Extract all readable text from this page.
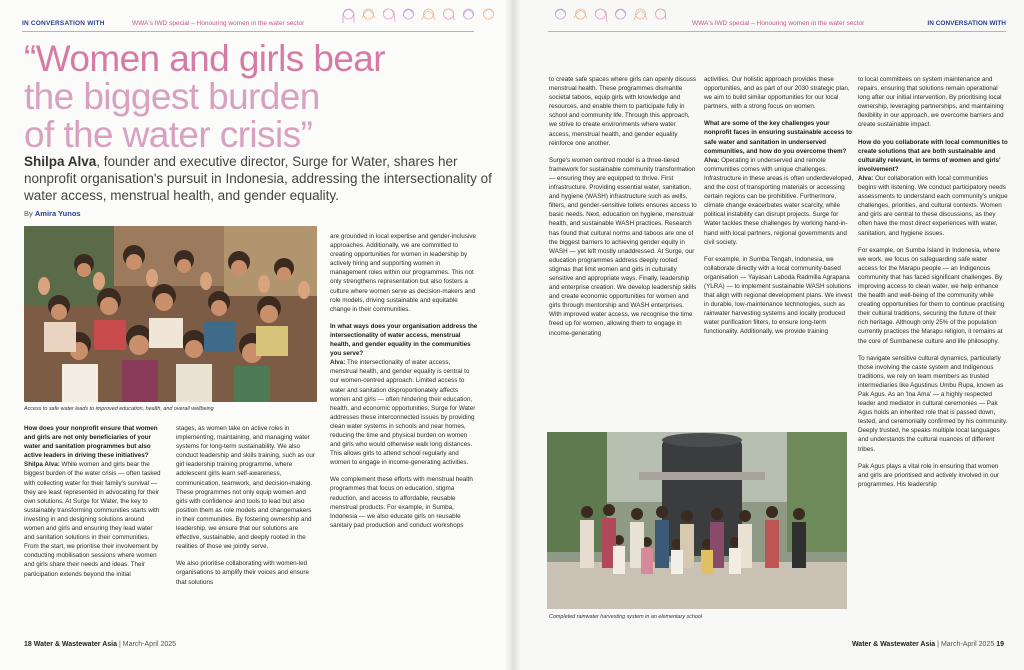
IN CONVERSATION WITH	WWA's IWD special – Honouring women in the water sector
“Women and girls bear
the biggest burden
of the water crisis”
Shilpa Alva, founder and executive director, Surge for Water, shares her nonprofit organisation's pursuit in Indonesia, addressing the intersectionality of water access, menstrual health, and gender equality.
By Amira Yunos
Access to safe water leads to improved education, health, and overall wellbeing
How does your nonprofit ensure that women and girls are not only beneficiaries of your water and sanitation programmes but also active leaders in driving these initiatives?

Shilpa Alva: While women and girls bear the biggest burden of the water crisis — often tasked with collecting water for their family's survival — they are least represented in advocating for their own solutions. At Surge for Water, the key to sustainably transforming communities starts with investing in and designing solutions around women and girls and ensuring they lead water and sanitation solutions in their communities. From the start, we prioritise their involvement by conducting mobilisation sessions where women and girls share their needs and ideas. Their participation extends beyond the initial

stages, as women take on active roles in implementing, maintaining, and managing water systems for long-term sustainability. We also conduct leadership and skills training, such as our girl leadership training programme, where adolescent girls learn self-awareness, communication, teamwork, and decision-making. These programmes not only equip women and girls with confidence and tools to lead but also position them as role models and changemakers in their communities. By fostering ownership and leadership, we ensure that our solutions are effective, sustainable, and deeply rooted in the realities of those we jointly serve.

We also prioritise collaborating with women-led organisations to amplify their voices and ensure that solutions

are grounded in local expertise and gender-inclusive approaches. Additionally, we are committed to creating opportunities for women in leadership by actively hiring and supporting women in management roles within our programmes. This not only strengthens representation but also fosters a culture where women serve as decision-makers and role models, driving sustainable and equitable change in their communities.

In what ways does your organisation address the intersectionality of water access, menstrual health, and gender equality in the communities you serve?

Alva: The intersectionality of water access, menstrual health, and gender equality is central to our women-centred approach. Limited access to water and sanitation disproportionately affects women and girls — often hindering their education, health, and economic opportunities. Surge for Water addresses these interconnected issues by providing clean water systems in schools and near homes, reducing the time and physical burden on women and girls who would otherwise walk long distances. This allows girls to attend school regularly and women to engage in income-generating activities.

We complement these efforts with menstrual health programmes that focus on education, stigma reduction, and access to affordable, reusable menstrual products. For example, in Sumba, Indonesia — we also educate girls on reusable sanitary pad production and conduct workshops

18 Water & Wastewater Asia | March-April 2025
WWA's IWD special – Honouring women in the water sector	IN CONVERSATION WITH

to create safe spaces where girls can openly discuss menstrual health. These programmes dismantle societal taboos, equip girls with knowledge and resources, and enable them to participate fully in school and community life. Through this approach, we strive to create environments where water access, menstrual health, and gender equality reinforce one another.

Surge's women centred model is a three-tiered framework for sustainable community transformation — ensuring they are equipped to thrive. First infrastructure. Providing essential water, sanitation, and hygiene (WASH) infrastructure such as wells, filters, and gender-sensitive toilets ensures access to basic needs. Next, education on hygiene, menstrual health, and sustainable WASH practices. Research has found that cultural norms and taboos are one of the biggest barriers to achieving gender equity in WASH — yet left mostly unaddressed. At Surge, our education programmes address deeply rooted stigmas that limit women and girls in culturally sensitive and appropriate ways. Finally, leadership and enterprise creation. We develop leadership skills and create economic opportunities for women and girls through mentorship and WASH enterprises. With improved water access, we recognise the time freed up for women, allowing them to engage in income-generating

activities. Our holistic approach provides these opportunities, and as part of our 2030 strategic plan, we aim to build similar opportunities for our local partners, with a strong focus on women.

What are some of the key challenges your nonprofit faces in ensuring sustainable access to safe water and sanitation in underserved communities, and how do you overcome them?

Alva: Operating in underserved and remote communities comes with unique challenges. Infrastructure in these areas is often underdeveloped, and the cost of transporting materials or accessing certain regions can be prohibitive. Furthermore, climate change exacerbates water scarcity, while political instability can disrupt projects. Surge for Water tackles these challenges by working hand-in-hand with local partners, regional governments and civil society.

For example, in Sumba Tengah, Indonesia, we collaborate directly with a local community-based organisation — Yayasan Laboda Radmilla Agrapana (YLRA) — to implement sustainable WASH solutions that align with regional development plans. We invest in durable, low-maintenance technologies, such as rainwater harvesting systems and locally produced water purification filters, to ensure long-term functionality. Additionally, we provide training

to local committees on system maintenance and repairs, ensuring that solutions remain operational long after our initial intervention. By prioritising local ownership, leveraging partnerships, and maintaining flexibility in our approach, we overcome barriers and create sustainable impact.

How do you collaborate with local communities to create solutions that are both sustainable and culturally relevant, in terms of women and girls' involvement?

Alva: Our collaboration with local communities begins with listening. We conduct participatory needs assessments to understand each community's unique challenges, priorities, and cultural contexts. Women and girls are central to these discussions, as they often have the most direct experiences with water, sanitation, and hygiene issues.

For example, on Sumba Island in Indonesia, where we work, we focus on safeguarding safe water access for the Marapu people — an Indigenous community that has faced significant challenges. By improving access to clean water, we help enhance the health and well-being of the community while creating opportunities for them to continue practising their cultural traditions, securing the future of their rich heritage. Although only 25% of the population currently practices the Marapu religion, it remains at the core of Sumbanese culture and life philosophy.

To navigate sensitive cultural dynamics, particularly those involving the caste system and Indigenous traditions, we rely on team members as trusted intermediaries like Agustinus Umbu Rupa, known as Pak Agus. As an 'Ina Ama' — a highly respected leader and mediator in cultural ceremonies — Pak Agus holds an inherited role that is passed down, tested, and ceremonially confirmed by his community. Deeply trusted, he speaks multiple local languages and understands the cultural nuances of different tribes.

Pak Agus plays a vital role in ensuring that women and girls are prioritised and actively involved in our programmes. His leadership

Completed rainwater harvesting system in an elementary school
Water & Wastewater Asia | March-April 2025 19
